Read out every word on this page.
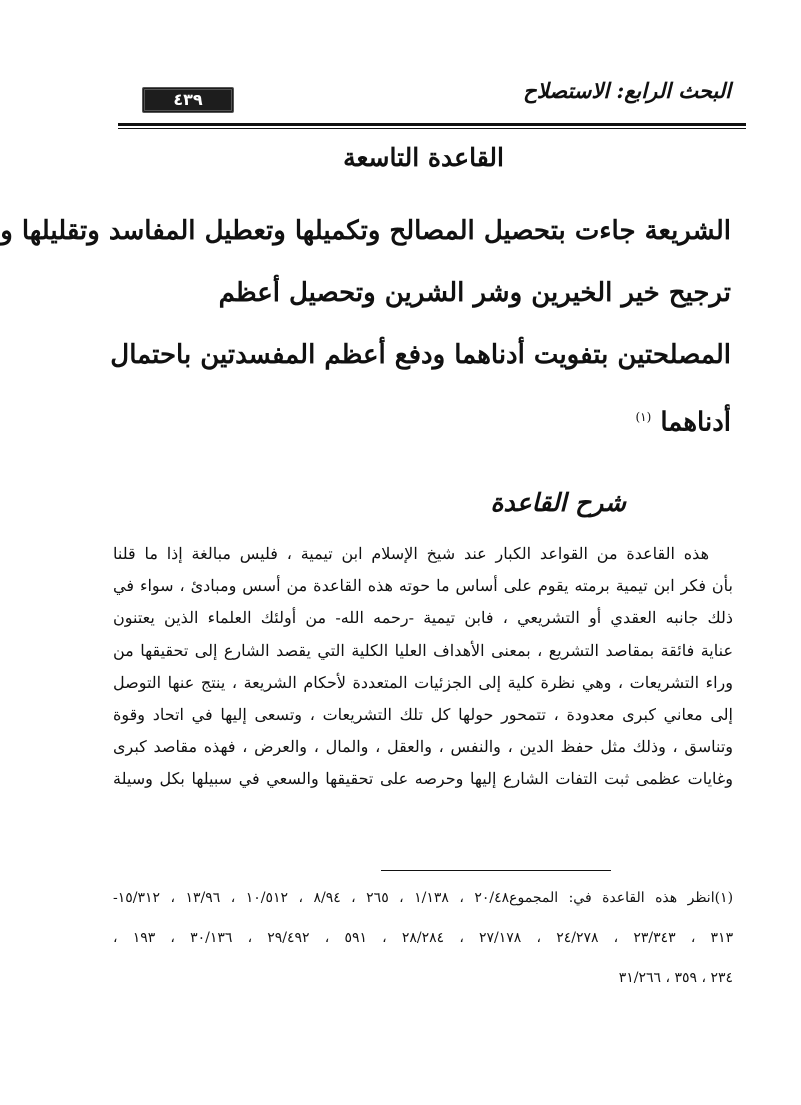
البحث الرابع: الاستصلاح
٤٣٩
القاعدة التاسعة
الشريعة جاءت بتحصيل المصالح وتكميلها وتعطيل المفاسد وتقليلها و
ترجيح خير الخيرين وشر الشرين وتحصيل أعظم
المصلحتين بتفويت أدناهما ودفع أعظم المفسدتين باحتمال
أدناهما $^{(١)}$
شرح القاعدة
هذه القاعدة من القواعد الكبار عند شيخ الإسلام ابن تيمية ، فليس مبالغة إذا ما قلنا
بأن فكر ابن تيمية برمته يقوم على أساس ما حوته هذه القاعدة من أسس ومبادئ ، سواء في
ذلك جانبه العقدي أو التشريعي ، فابن تيمية -رحمه الله- من أولئك العلماء الذين يعتنون
عناية فائقة بمقاصد التشريع ، بمعنى الأهداف العليا الكلية التي يقصد الشارع إلى تحقيقها من
وراء التشريعات ، وهي نظرة كلية إلى الجزئيات المتعددة لأحكام الشريعة ، ينتج عنها التوصل
إلى معاني كبرى معدودة ، تتمحور حولها كل تلك التشريعات ، وتسعى إليها في اتحاد وقوة
وتناسق ، وذلك مثل حفظ الدين ، والنفس ، والعقل ، والمال ، والعرض ، فهذه مقاصد كبرى
وغايات عظمى ثبت التفات الشارع إليها وحرصه على تحقيقها والسعي في سبيلها بكل وسيلة
(١)انظر هذه القاعدة في: المجموع٢٠/٤٨ ، ١/١٣٨ ، ٢٦٥ ، ٨/٩٤ ، ١٠/٥١٢ ، ١٣/٩٦ ، ١٥/٣١٢-
٣١٣ ، ٢٣/٣٤٣ ، ٢٤/٢٧٨ ، ٢٧/١٧٨ ، ٢٨/٢٨٤ ، ٥٩١ ، ٢٩/٤٩٢ ، ٣٠/١٣٦ ، ١٩٣ ،
٢٣٤ ، ٣٥٩ ، ٣١/٢٦٦
